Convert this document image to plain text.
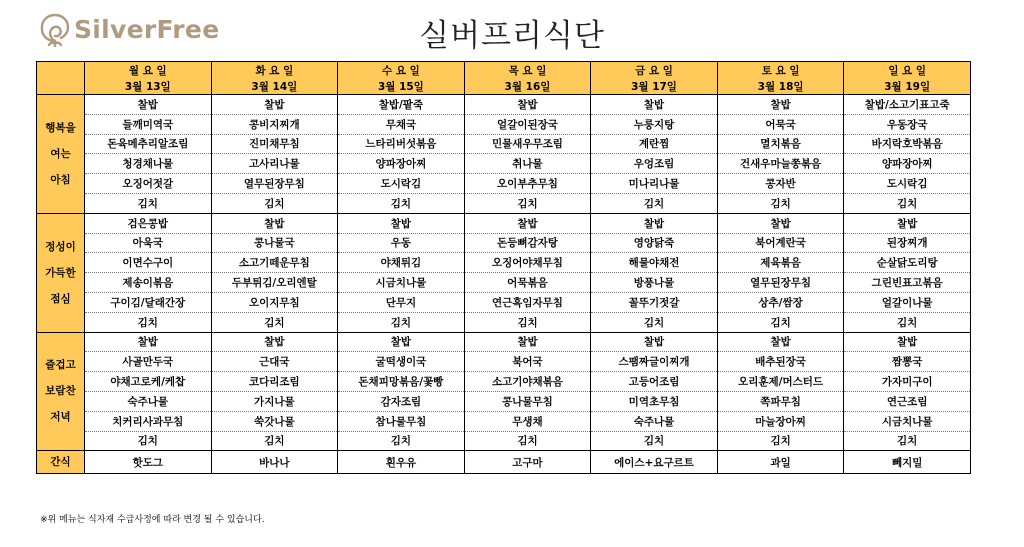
SilverFree	실버프리식단
	월 요 일	화 요 일	수 요 일	목 요 일	금 요 일	토 요 일	일 요 일
	3월 13일	3월 14일	3월 15일	3월 16일	3월 17일	3월 18일	3월 19일

행복을
여는
아침	찰밥	찰밥	찰밥/팥죽	찰밥	찰밥	찰밥	찰밥/소고기표고죽
	들깨미역국	콩비지찌개	무채국	얼갈이된장국	누룽지탕	어묵국	우동장국
	돈육메추리알조림	진미채무침	느타리버섯볶음	민물새우무조림	계란찜	멸치볶음	바지락호박볶음
	청경채나물	고사리나물	양파장아찌	취나물	우엉조림	건새우마늘쫑볶음	양파장아찌
	오징어젓갈	열무된장무침	도시락김	오이부추무침	미나리나물	콩자반	도시락김
	김치	김치	김치	김치	김치	김치	김치

정성이
가득한
점심	검은콩밥	찰밥	찰밥	찰밥	찰밥	찰밥	찰밥
	아욱국	콩나물국	우동	돈등뼈감자탕	영양닭죽	북어계란국	된장찌개
	이면수구이	소고기떼운무침	야채튀김	오징어야채무침	해물야채전	제육볶음	순살닭도리탕
	제송이볶음	두부튀김/오리엔탈	시금치나물	어묵볶음	방풍나물	열무된장무침	그린빈표고볶음
	구이김/달래간장	오이지무침	단무지	연근흑임자무침	꼴뚜기젓갈	상추/쌈장	얼갈이나물
	김치	김치	김치	김치	김치	김치	김치

즐겁고
보람찬
저녁	찰밥	찰밥	찰밥	찰밥	찰밥	찰밥	찰밥
	사골만두국	근대국	굴떡생이국	북어국	스팸짜글이찌개	배추된장국	짬뽕국
	야채고로케/케찹	코다리조림	돈채피망볶음/꽃빵	소고기야채볶음	고등어조림	오리훈제/머스터드	가자미구이
	숙주나물	가지나물	감자조림	콩나물무침	미역초무침	쪽파무침	연근조림
	치커리사과무침	쑥갓나물	참나물무침	무생채	숙주나물	마늘장아찌	시금치나물
	김치	김치	김치	김치	김치	김치	김치
간식	핫도그	바나나	흰우유	고구마	에이스+요구르트	과일	뻬지밀
※위 메뉴는 식자재 수급사정에 따라 변경 될 수 있습니다.
